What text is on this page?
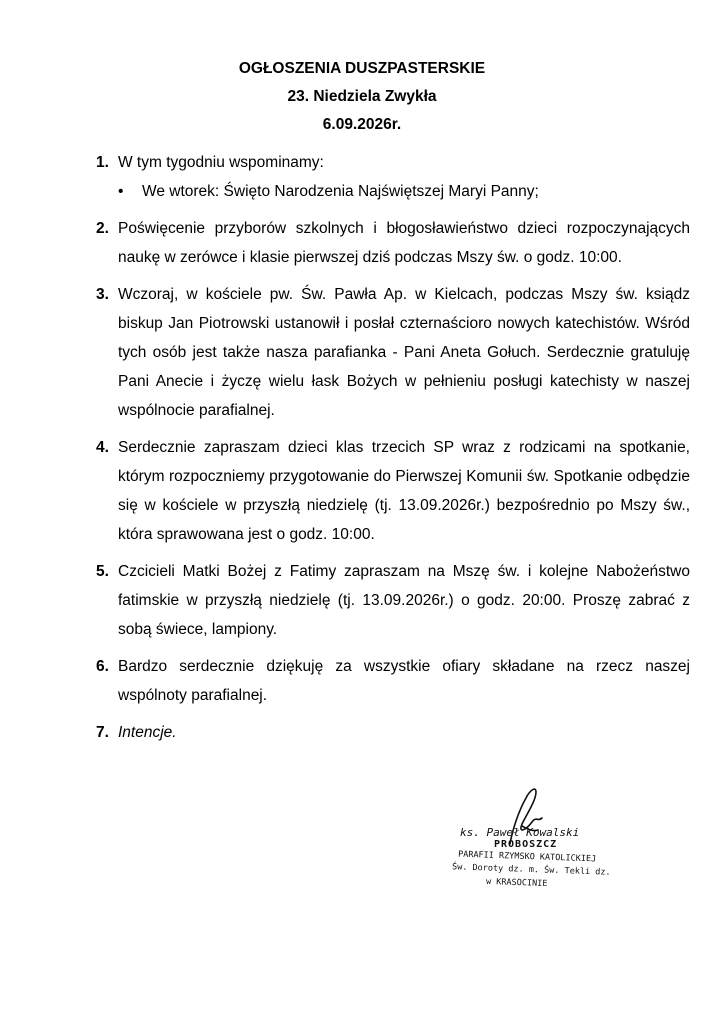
OGŁOSZENIA DUSZPASTERSKIE
23. Niedziela Zwykła
6.09.2026r.
1. W tym tygodniu wspominamy:
• We wtorek: Święto Narodzenia Najświętszej Maryi Panny;
2. Poświęcenie przyborów szkolnych i błogosławieństwo dzieci rozpoczynających naukę w zerówce i klasie pierwszej dziś podczas Mszy św. o godz. 10:00.
3. Wczoraj, w kościele pw. Św. Pawła Ap. w Kielcach, podczas Mszy św. ksiądz biskup Jan Piotrowski ustanowił i posłał czternaścioro nowych katechistów. Wśród tych osób jest także nasza parafianka - Pani Aneta Gołuch. Serdecznie gratuluję Pani Anecie i życzę wielu łask Bożych w pełnieniu posługi katechisty w naszej wspólnocie parafialnej.
4. Serdecznie zapraszam dzieci klas trzecich SP wraz z rodzicami na spotkanie, którym rozpoczniemy przygotowanie do Pierwszej Komunii św. Spotkanie odbędzie się w kościele w przyszłą niedzielę (tj. 13.09.2026r.) bezpośrednio po Mszy św., która sprawowana jest o godz. 10:00.
5. Czcicieli Matki Bożej z Fatimy zapraszam na Mszę św. i kolejne Nabożeństwo fatimskie w przyszłą niedzielę (tj. 13.09.2026r.) o godz. 20:00. Proszę zabrać z sobą świece, lampiony.
6. Bardzo serdecznie dziękuję za wszystkie ofiary składane na rzecz naszej wspólnoty parafialnej.
7. Intencje.
ks. Paweł Kowalski
PROBOSZCZ
PARAFII RZYMSKO KATOLICKIEJ
Św. Doroty dz. m. Św. Tekli dz.
w KRASOCINIE
